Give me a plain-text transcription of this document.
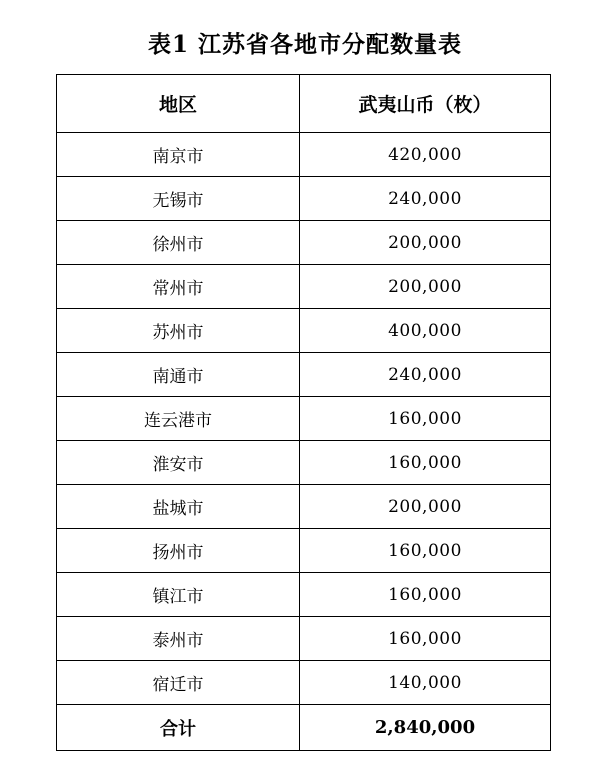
表1 江苏省各地市分配数量表
地区	武夷山币（枚）
南京市	420,000
无锡市	240,000
徐州市	200,000
常州市	200,000
苏州市	400,000
南通市	240,000
连云港市	160,000
淮安市	160,000
盐城市	200,000
扬州市	160,000
镇江市	160,000
泰州市	160,000
宿迁市	140,000
合计	2,840,000
